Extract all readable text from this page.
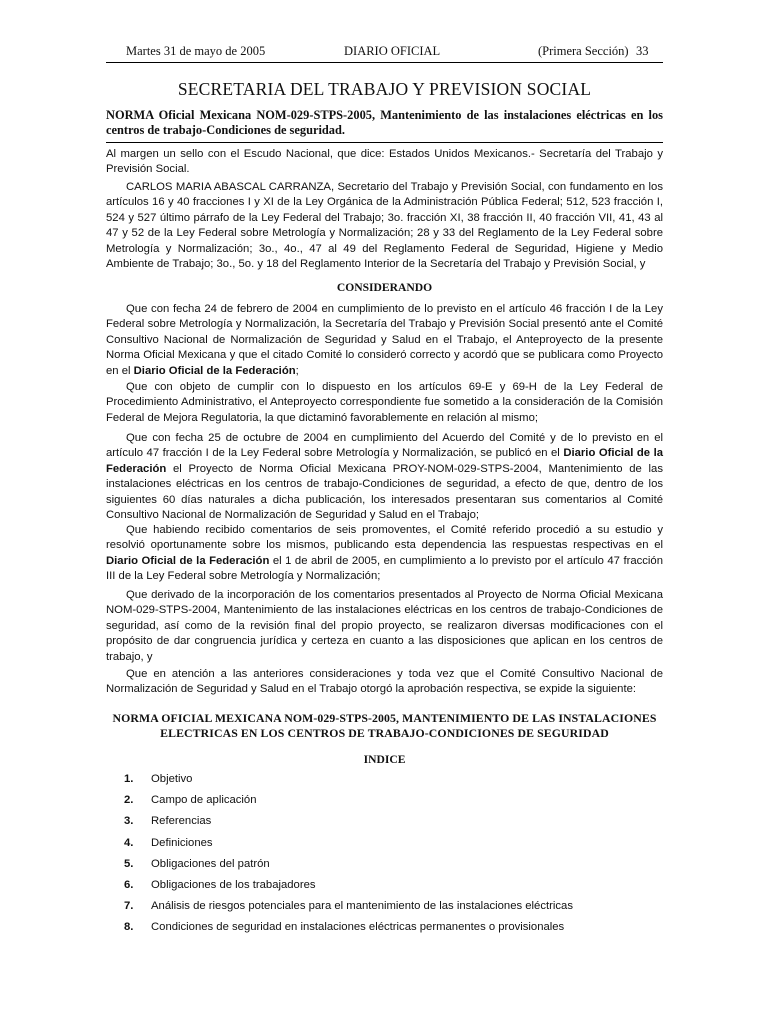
Martes 31 de mayo de 2005	DIARIO OFICIAL	(Primera Sección) 33
SECRETARIA DEL TRABAJO Y PREVISION SOCIAL
NORMA Oficial Mexicana NOM-029-STPS-2005, Mantenimiento de las instalaciones eléctricas en los centros de trabajo-Condiciones de seguridad.

Al margen un sello con el Escudo Nacional, que dice: Estados Unidos Mexicanos.- Secretaría del Trabajo y Previsión Social.

CARLOS MARIA ABASCAL CARRANZA, Secretario del Trabajo y Previsión Social, con fundamento en los artículos 16 y 40 fracciones I y XI de la Ley Orgánica de la Administración Pública Federal; 512, 523 fracción I, 524 y 527 último párrafo de la Ley Federal del Trabajo; 3o. fracción XI, 38 fracción II, 40 fracción VII, 41, 43 al 47 y 52 de la Ley Federal sobre Metrología y Normalización; 28 y 33 del Reglamento de la Ley Federal sobre Metrología y Normalización; 3o., 4o., 47 al 49 del Reglamento Federal de Seguridad, Higiene y Medio Ambiente de Trabajo; 3o., 5o. y 18 del Reglamento Interior de la Secretaría del Trabajo y Previsión Social, y

CONSIDERANDO

Que con fecha 24 de febrero de 2004 en cumplimiento de lo previsto en el artículo 46 fracción I de la Ley Federal sobre Metrología y Normalización, la Secretaría del Trabajo y Previsión Social presentó ante el Comité Consultivo Nacional de Normalización de Seguridad y Salud en el Trabajo, el Anteproyecto de la presente Norma Oficial Mexicana y que el citado Comité lo consideró correcto y acordó que se publicara como Proyecto en el Diario Oficial de la Federación;

Que con objeto de cumplir con lo dispuesto en los artículos 69-E y 69-H de la Ley Federal de Procedimiento Administrativo, el Anteproyecto correspondiente fue sometido a la consideración de la Comisión Federal de Mejora Regulatoria, la que dictaminó favorablemente en relación al mismo;

Que con fecha 25 de octubre de 2004 en cumplimiento del Acuerdo del Comité y de lo previsto en el artículo 47 fracción I de la Ley Federal sobre Metrología y Normalización, se publicó en el Diario Oficial de la Federación el Proyecto de Norma Oficial Mexicana PROY-NOM-029-STPS-2004, Mantenimiento de las instalaciones eléctricas en los centros de trabajo-Condiciones de seguridad, a efecto de que, dentro de los siguientes 60 días naturales a dicha publicación, los interesados presentaran sus comentarios al Comité Consultivo Nacional de Normalización de Seguridad y Salud en el Trabajo;

Que habiendo recibido comentarios de seis promoventes, el Comité referido procedió a su estudio y resolvió oportunamente sobre los mismos, publicando esta dependencia las respuestas respectivas en el Diario Oficial de la Federación el 1 de abril de 2005, en cumplimiento a lo previsto por el artículo 47 fracción III de la Ley Federal sobre Metrología y Normalización;

Que derivado de la incorporación de los comentarios presentados al Proyecto de Norma Oficial Mexicana NOM-029-STPS-2004, Mantenimiento de las instalaciones eléctricas en los centros de trabajo-Condiciones de seguridad, así como de la revisión final del propio proyecto, se realizaron diversas modificaciones con el propósito de dar congruencia jurídica y certeza en cuanto a las disposiciones que aplican en los centros de trabajo, y

Que en atención a las anteriores consideraciones y toda vez que el Comité Consultivo Nacional de Normalización de Seguridad y Salud en el Trabajo otorgó la aprobación respectiva, se expide la siguiente:

NORMA OFICIAL MEXICANA NOM-029-STPS-2005, MANTENIMIENTO DE LAS INSTALACIONES
ELECTRICAS EN LOS CENTROS DE TRABAJO-CONDICIONES DE SEGURIDAD
INDICE
1. Objetivo
2. Campo de aplicación
3. Referencias
4. Definiciones
5. Obligaciones del patrón
6. Obligaciones de los trabajadores
7. Análisis de riesgos potenciales para el mantenimiento de las instalaciones eléctricas
8. Condiciones de seguridad en instalaciones eléctricas permanentes o provisionales
